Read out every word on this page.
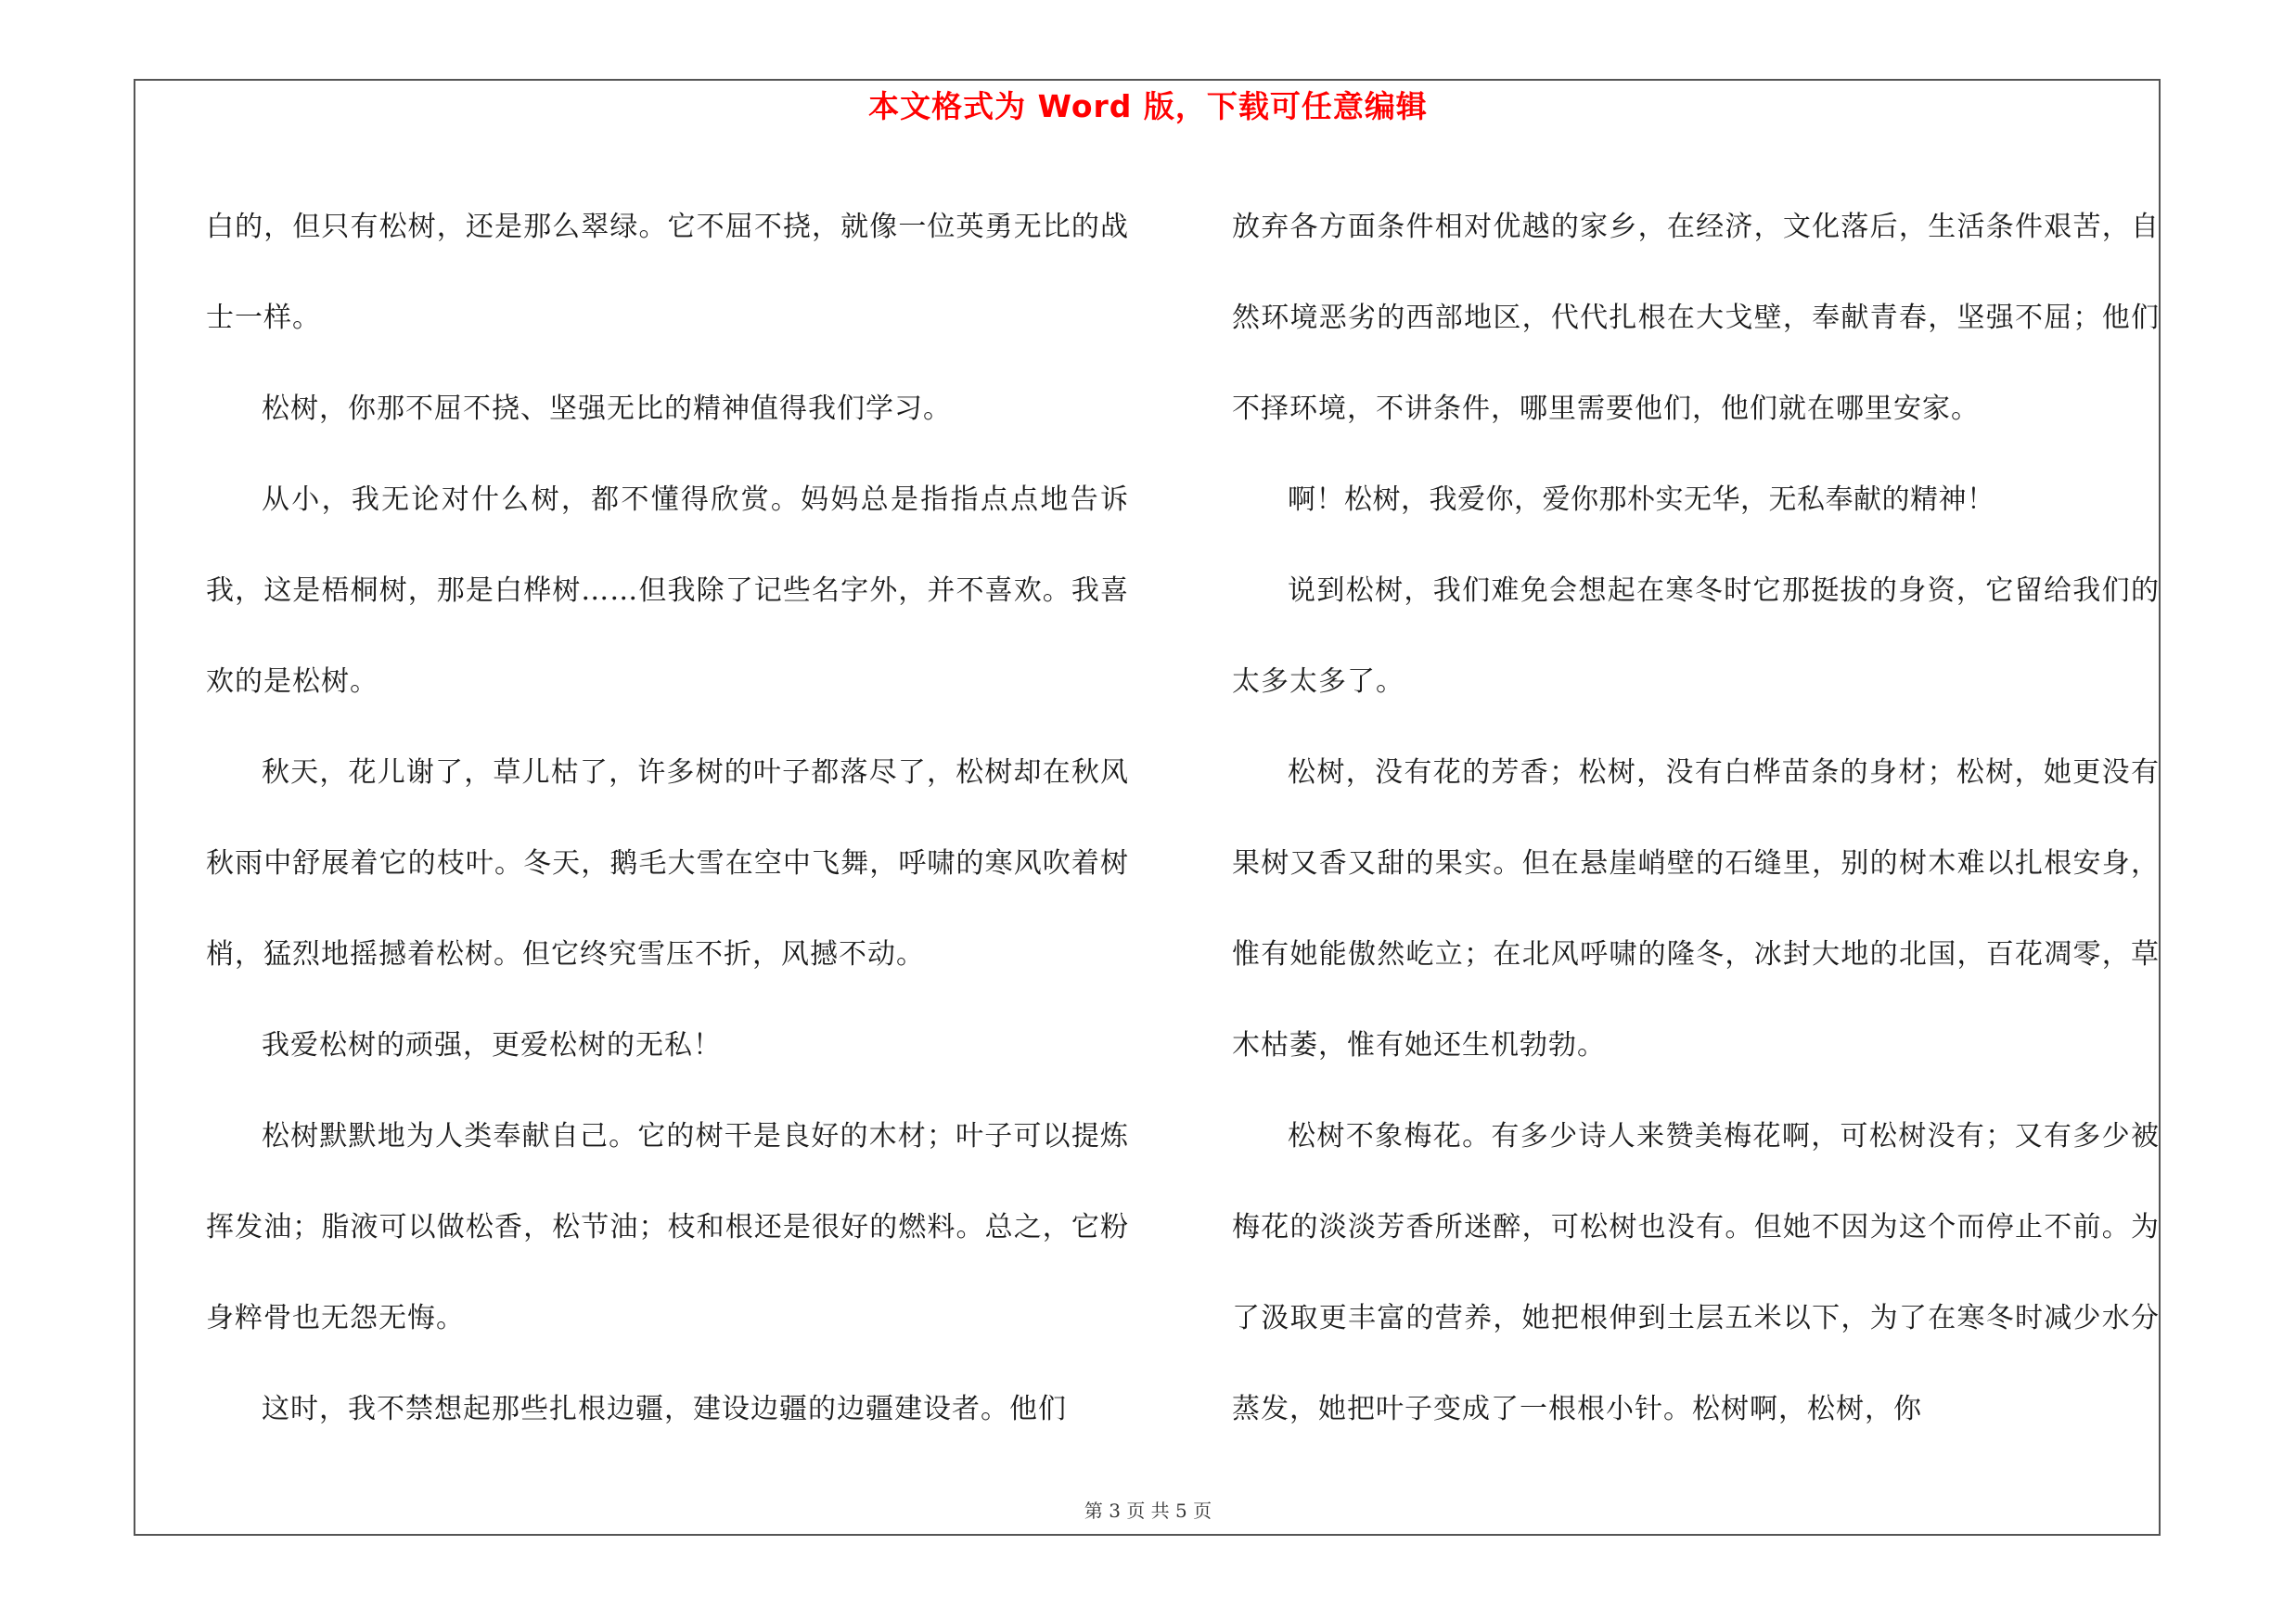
本文格式为 Word 版，下载可任意编辑

白的，但只有松树，还是那么翠绿。它不屈不挠，就像一位英勇无比的战士一样。

松树，你那不屈不挠、坚强无比的精神值得我们学习。

从小，我无论对什么树，都不懂得欣赏。妈妈总是指指点点地告诉我，这是梧桐树，那是白桦树……但我除了记些名字外，并不喜欢。我喜欢的是松树。

秋天，花儿谢了，草儿枯了，许多树的叶子都落尽了，松树却在秋风秋雨中舒展着它的枝叶。冬天，鹅毛大雪在空中飞舞，呼啸的寒风吹着树梢，猛烈地摇撼着松树。但它终究雪压不折，风撼不动。

我爱松树的顽强，更爱松树的无私！

松树默默地为人类奉献自己。它的树干是良好的木材；叶子可以提炼挥发油；脂液可以做松香，松节油；枝和根还是很好的燃料。总之，它粉身粹骨也无怨无悔。

这时，我不禁想起那些扎根边疆，建设边疆的边疆建设者。他们

放弃各方面条件相对优越的家乡，在经济，文化落后，生活条件艰苦，自然环境恶劣的西部地区，代代扎根在大戈壁，奉献青春，坚强不屈；他们不择环境，不讲条件，哪里需要他们，他们就在哪里安家。

啊！松树，我爱你，爱你那朴实无华，无私奉献的精神！

说到松树，我们难免会想起在寒冬时它那挺拔的身资，它留给我们的太多太多了。

松树，没有花的芳香；松树，没有白桦苗条的身材；松树，她更没有果树又香又甜的果实。但在悬崖峭壁的石缝里，别的树木难以扎根安身，惟有她能傲然屹立；在北风呼啸的隆冬，冰封大地的北国，百花凋零，草木枯萎，惟有她还生机勃勃。

松树不象梅花。有多少诗人来赞美梅花啊，可松树没有；又有多少被梅花的淡淡芳香所迷醉，可松树也没有。但她不因为这个而停止不前。为了汲取更丰富的营养，她把根伸到土层五米以下，为了在寒冬时减少水分蒸发，她把叶子变成了一根根小针。松树啊，松树，你

第 3 页 共 5 页
